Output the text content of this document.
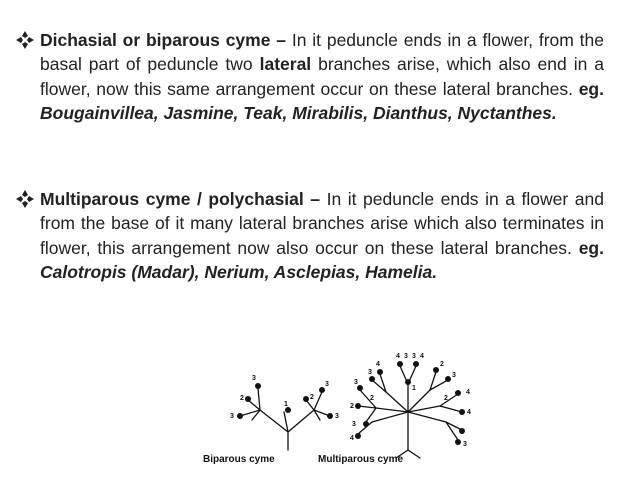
Dichasial or biparous cyme – In it peduncle ends in a flower, from the basal part of peduncle two lateral branches arise, which also end in a flower, now this same arrangement occur on these lateral branches. eg. Bougainvillea, Jasmine, Teak, Mirabilis, Dianthus, Nyctanthes.
Multiparous cyme / polychasial – In it peduncle ends in a flower and from the base of it many lateral branches arise which also terminates in flower, this arrangement now also occur on these lateral branches. eg. Calotropis (Madar), Nerium, Asclepias, Hamelia.
3
2
3
1
2
3
3
4 3 3 4
4
3
3
2
2
1
2
4
3
2
3
4
4
3
Biparous cyme	Multiparous cyme
